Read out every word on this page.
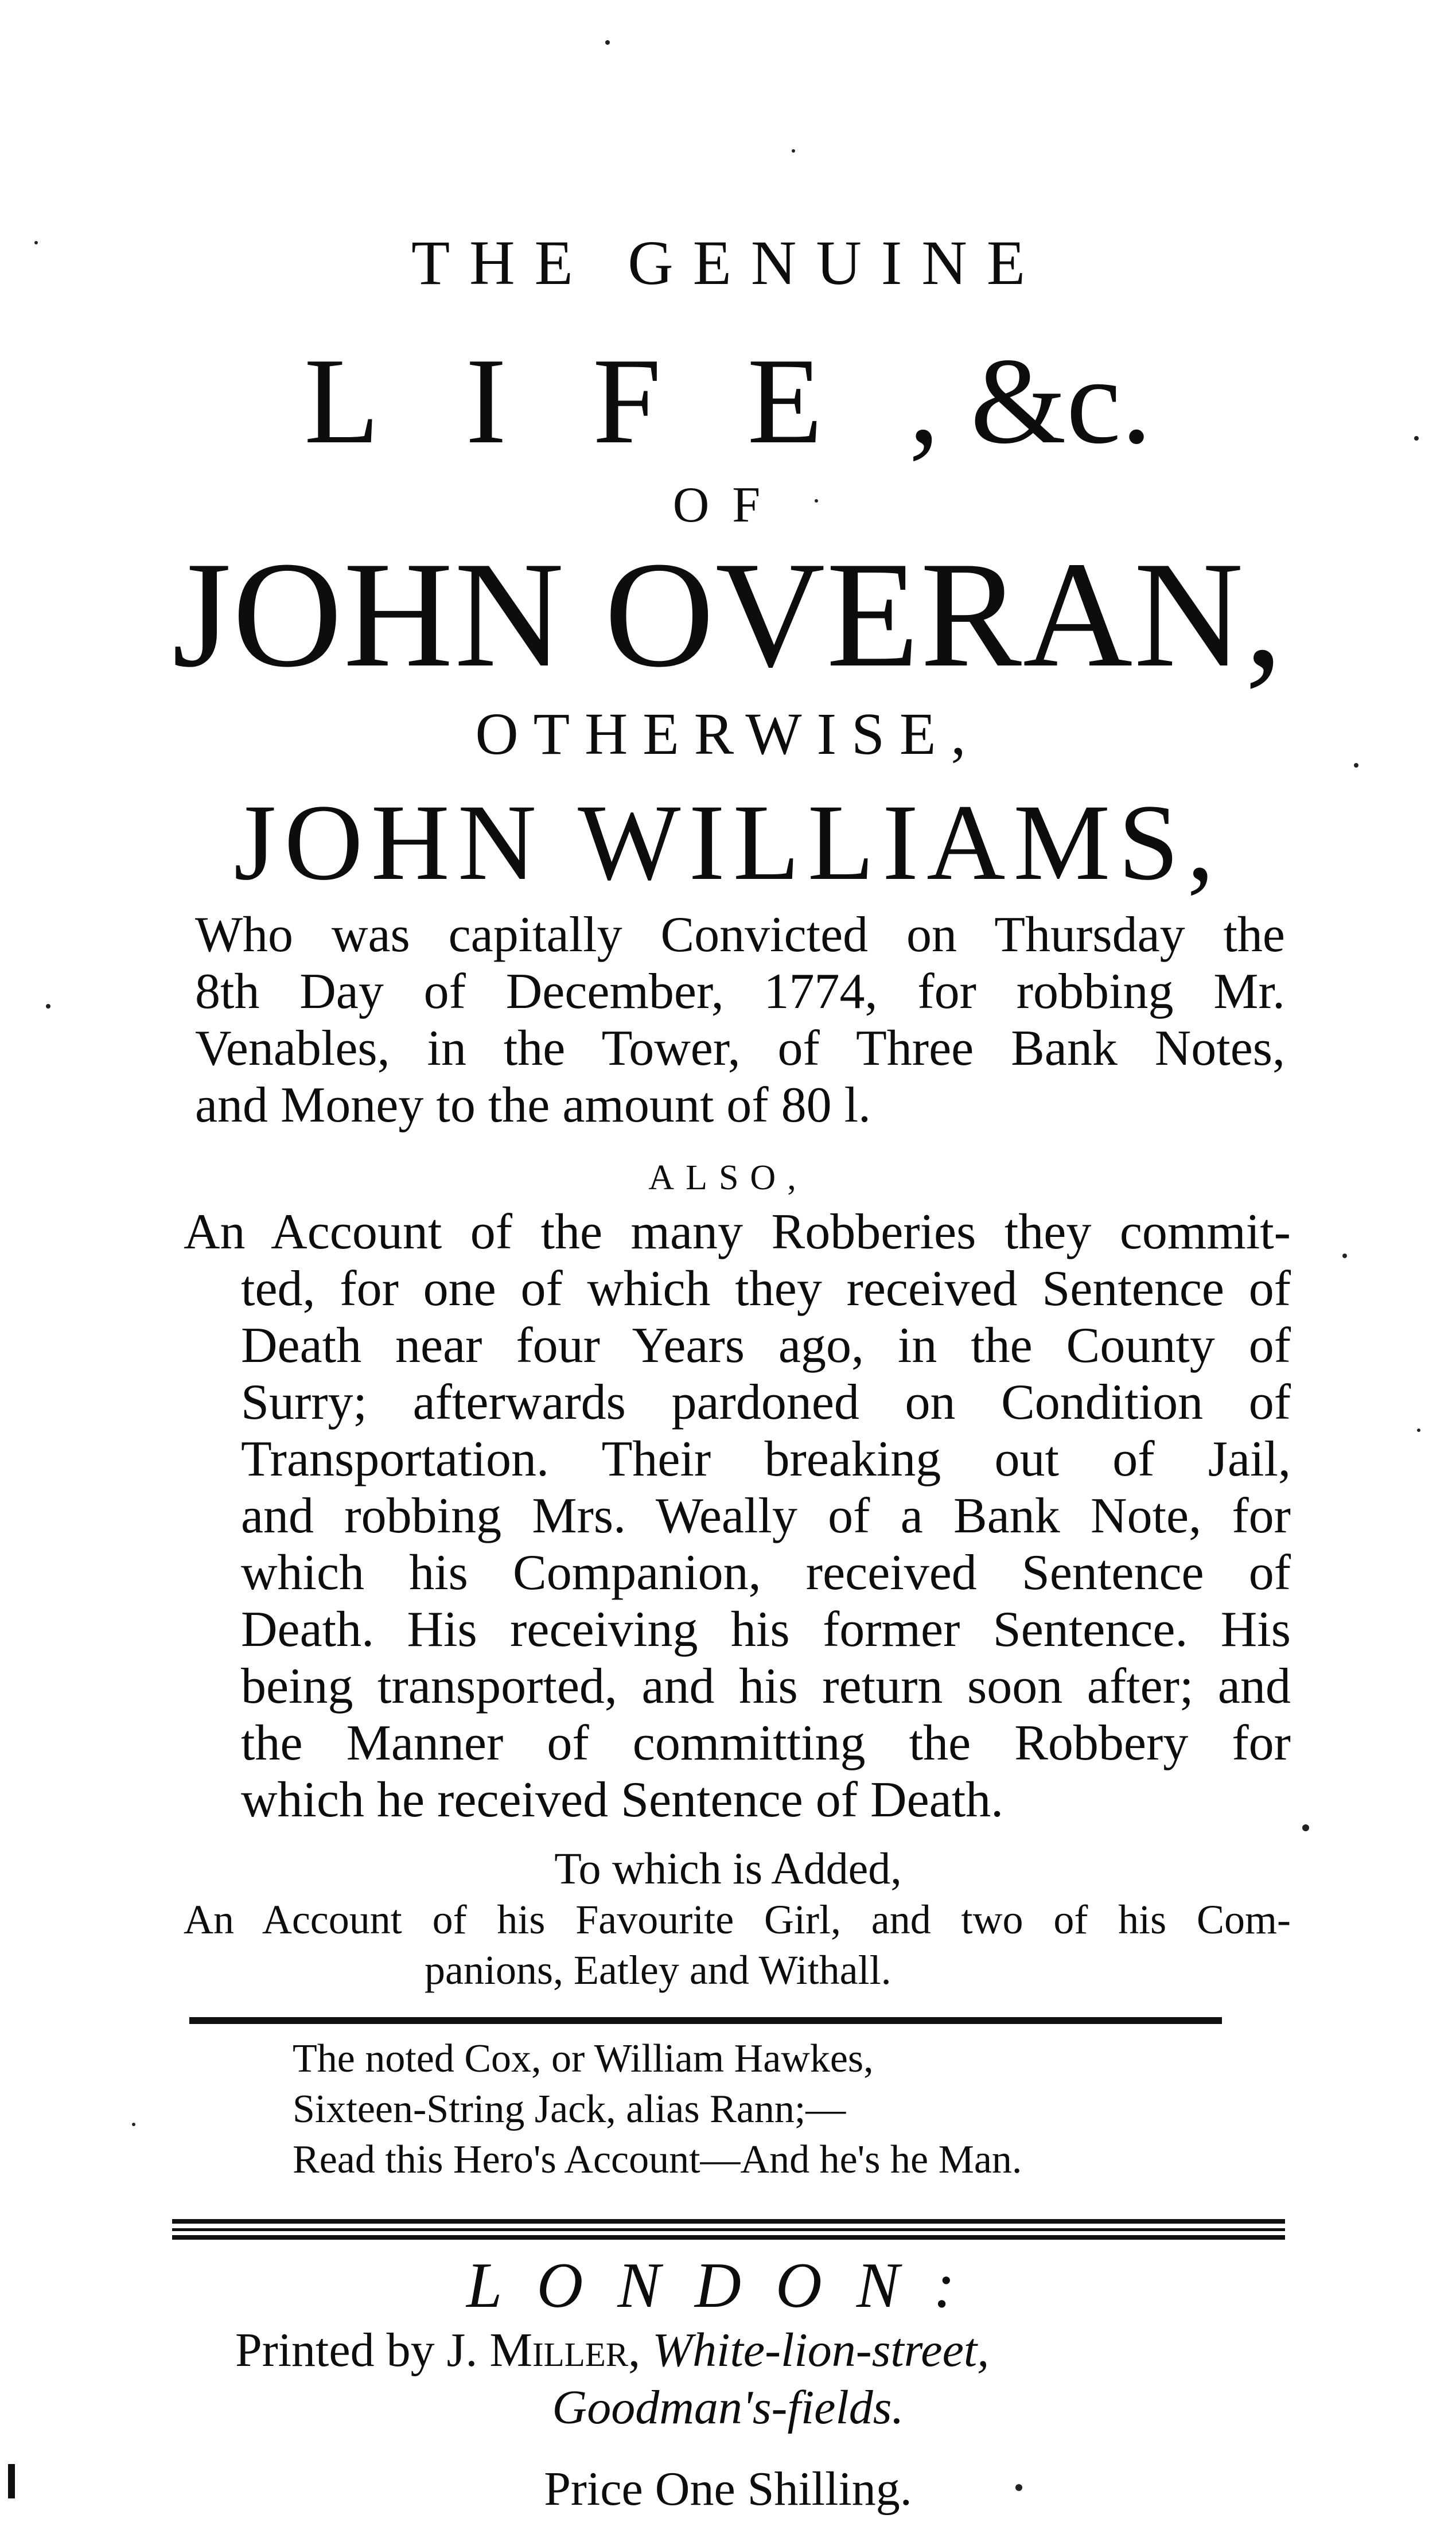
THE GENUINE
LIFE, &c.
OF
JOHN OVERAN,
OTHERWISE,
JOHN WILLIAMS,
Who was capitally Convicted on Thursday the
8th Day of December, 1774, for robbing Mr.
Venables, in the Tower, of Three Bank Notes,
and Money to the amount of 80 l.
ALSO,
An Account of the many Robberies they commit-
ted, for one of which they received Sentence of
Death near four Years ago, in the County of
Surry; afterwards pardoned on Condition of
Transportation. Their breaking out of Jail,
and robbing Mrs. Weally of a Bank Note, for
which his Companion, received Sentence of
Death. His receiving his former Sentence. His
being transported, and his return soon after; and
the Manner of committing the Robbery for
which he received Sentence of Death.
To which is Added,
An Account of his Favourite Girl, and two of his Com-
panions, Eatley and Withall.
The noted Cox, or William Hawkes,
Sixteen-String Jack, alias Rann;—
Read this Hero's Account—And he's he Man.
LONDON:
Printed by J. Miller, White-lion-street,
Goodman's-fields.
Price One Shilling.
